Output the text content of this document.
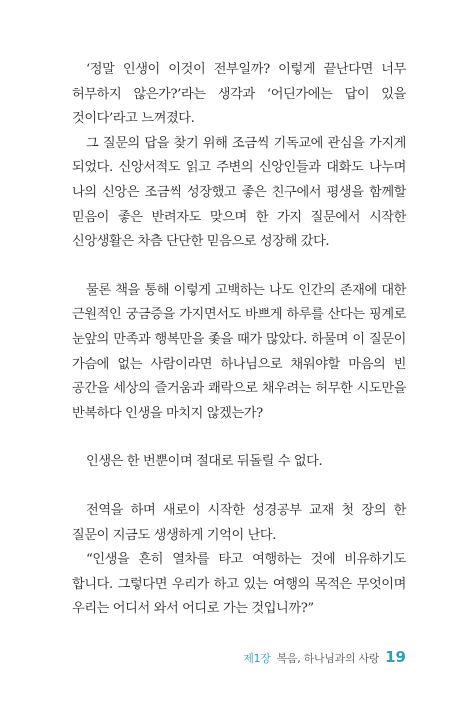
‘정말 인생이 이것이 전부일까? 이렇게 끝난다면 너무 허무하지 않은가?’라는 생각과 ‘어딘가에는 답이 있을 것이다’라고 느껴졌다.

그 질문의 답을 찾기 위해 조금씩 기독교에 관심을 가지게 되었다. 신앙서적도 읽고 주변의 신앙인들과 대화도 나누며 나의 신앙은 조금씩 성장했고 좋은 친구에서 평생을 함께할 믿음이 좋은 반려자도 맞으며 한 가지 질문에서 시작한 신앙생활은 차츰 단단한 믿음으로 성장해 갔다.

물론 책을 통해 이렇게 고백하는 나도 인간의 존재에 대한 근원적인 궁금증을 가지면서도 바쁘게 하루를 산다는 핑계로 눈앞의 만족과 행복만을 좇을 때가 많았다. 하물며 이 질문이 가슴에 없는 사람이라면 하나님으로 채워야할 마음의 빈 공간을 세상의 즐거움과 쾌락으로 채우려는 허무한 시도만을 반복하다 인생을 마치지 않겠는가?

인생은 한 번뿐이며 절대로 뒤돌릴 수 없다.

전역을 하며 새로이 시작한 성경공부 교재 첫 장의 한 질문이 지금도 생생하게 기억이 난다.

“인생을 흔히 열차를 타고 여행하는 것에 비유하기도 합니다. 그렇다면 우리가 하고 있는 여행의 목적은 무엇이며 우리는 어디서 와서 어디로 가는 것입니까?”

제1장 복음, 하나님과의 사랑 19
